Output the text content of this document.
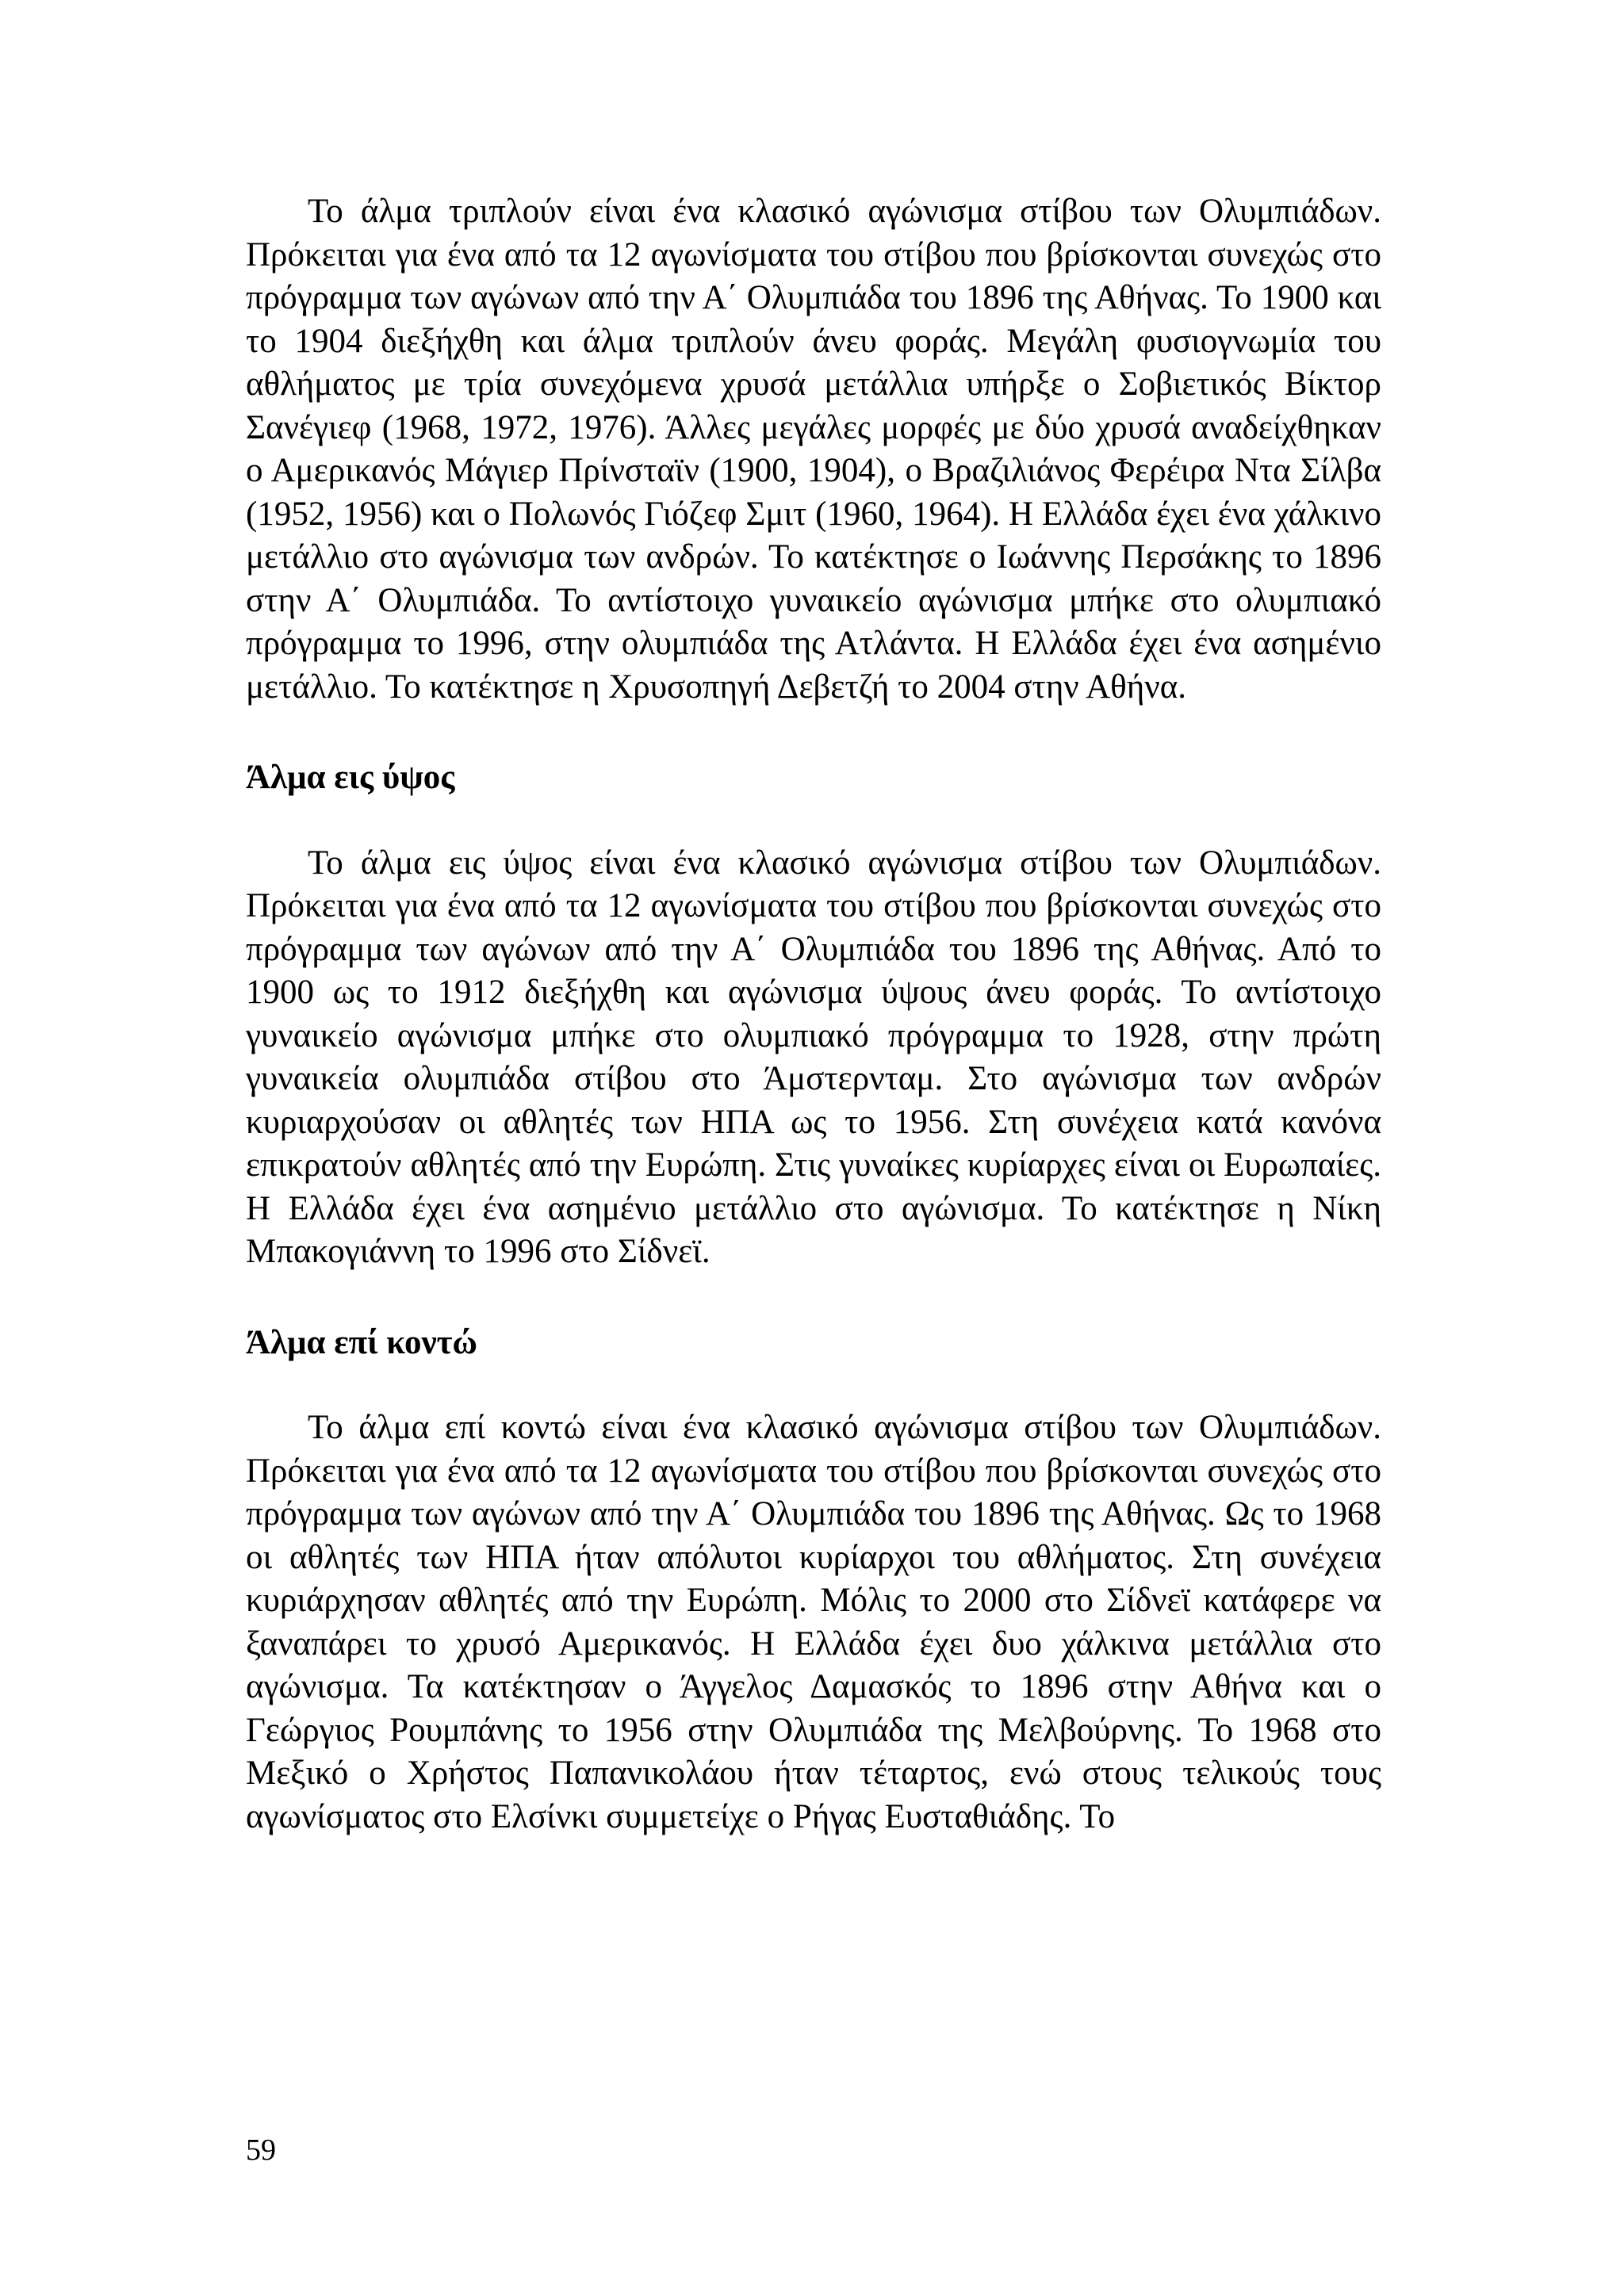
Το άλμα τριπλούν είναι ένα κλασικό αγώνισμα στίβου των Ολυμπιάδων. Πρόκειται για ένα από τα 12 αγωνίσματα του στίβου που βρίσκονται συνεχώς στο πρόγραμμα των αγώνων από την Α΄ Ολυμπιάδα του 1896 της Αθήνας. Το 1900 και το 1904 διεξήχθη και άλμα τριπλούν άνευ φοράς. Μεγάλη φυσιογνωμία του αθλήματος με τρία συνεχόμενα χρυσά μετάλλια υπήρξε ο Σοβιετικός Βίκτορ Σανέγιεφ (1968, 1972, 1976). Άλλες μεγάλες μορφές με δύο χρυσά αναδείχθηκαν ο Αμερικανός Μάγιερ Πρίνσταϊν (1900, 1904), ο Βραζιλιάνος Φερέιρα Ντα Σίλβα (1952, 1956) και ο Πολωνός Γιόζεφ Σμιτ (1960, 1964). Η Ελλάδα έχει ένα χάλκινο μετάλλιο στο αγώνισμα των ανδρών. Το κατέκτησε ο Ιωάννης Περσάκης το 1896 στην Α΄ Ολυμπιάδα. Το αντίστοιχο γυναικείο αγώνισμα μπήκε στο ολυμπιακό πρόγραμμα το 1996, στην ολυμπιάδα της Ατλάντα. Η Ελλάδα έχει ένα ασημένιο μετάλλιο. Το κατέκτησε η Χρυσοπηγή Δεβετζή το 2004 στην Αθήνα.

Άλμα εις ύψος

Το άλμα εις ύψος είναι ένα κλασικό αγώνισμα στίβου των Ολυμπιάδων. Πρόκειται για ένα από τα 12 αγωνίσματα του στίβου που βρίσκονται συνεχώς στο πρόγραμμα των αγώνων από την Α΄ Ολυμπιάδα του 1896 της Αθήνας. Από το 1900 ως το 1912 διεξήχθη και αγώνισμα ύψους άνευ φοράς. Το αντίστοιχο γυναικείο αγώνισμα μπήκε στο ολυμπιακό πρόγραμμα το 1928, στην πρώτη γυναικεία ολυμπιάδα στίβου στο Άμστερνταμ. Στο αγώνισμα των ανδρών κυριαρχούσαν οι αθλητές των ΗΠΑ ως το 1956. Στη συνέχεια κατά κανόνα επικρατούν αθλητές από την Ευρώπη. Στις γυναίκες κυρίαρχες είναι οι Ευρωπαίες. Η Ελλάδα έχει ένα ασημένιο μετάλλιο στο αγώνισμα. Το κατέκτησε η Νίκη Μπακογιάννη το 1996 στο Σίδνεϊ.

Άλμα επί κοντώ

Το άλμα επί κοντώ είναι ένα κλασικό αγώνισμα στίβου των Ολυμπιάδων. Πρόκειται για ένα από τα 12 αγωνίσματα του στίβου που βρίσκονται συνεχώς στο πρόγραμμα των αγώνων από την Α΄ Ολυμπιάδα του 1896 της Αθήνας. Ως το 1968 οι αθλητές των ΗΠΑ ήταν απόλυτοι κυρίαρχοι του αθλήματος. Στη συνέχεια κυριάρχησαν αθλητές από την Ευρώπη. Μόλις το 2000 στο Σίδνεϊ κατάφερε να ξαναπάρει το χρυσό Αμερικανός. Η Ελλάδα έχει δυο χάλκινα μετάλλια στο αγώνισμα. Τα κατέκτησαν ο Άγγελος Δαμασκός το 1896 στην Αθήνα και ο Γεώργιος Ρουμπάνης το 1956 στην Ολυμπιάδα της Μελβούρνης. Το 1968 στο Μεξικό ο Χρήστος Παπανικολάου ήταν τέταρτος, ενώ στους τελικούς τους αγωνίσματος στο Ελσίνκι συμμετείχε ο Ρήγας Ευσταθιάδης. Το

59
